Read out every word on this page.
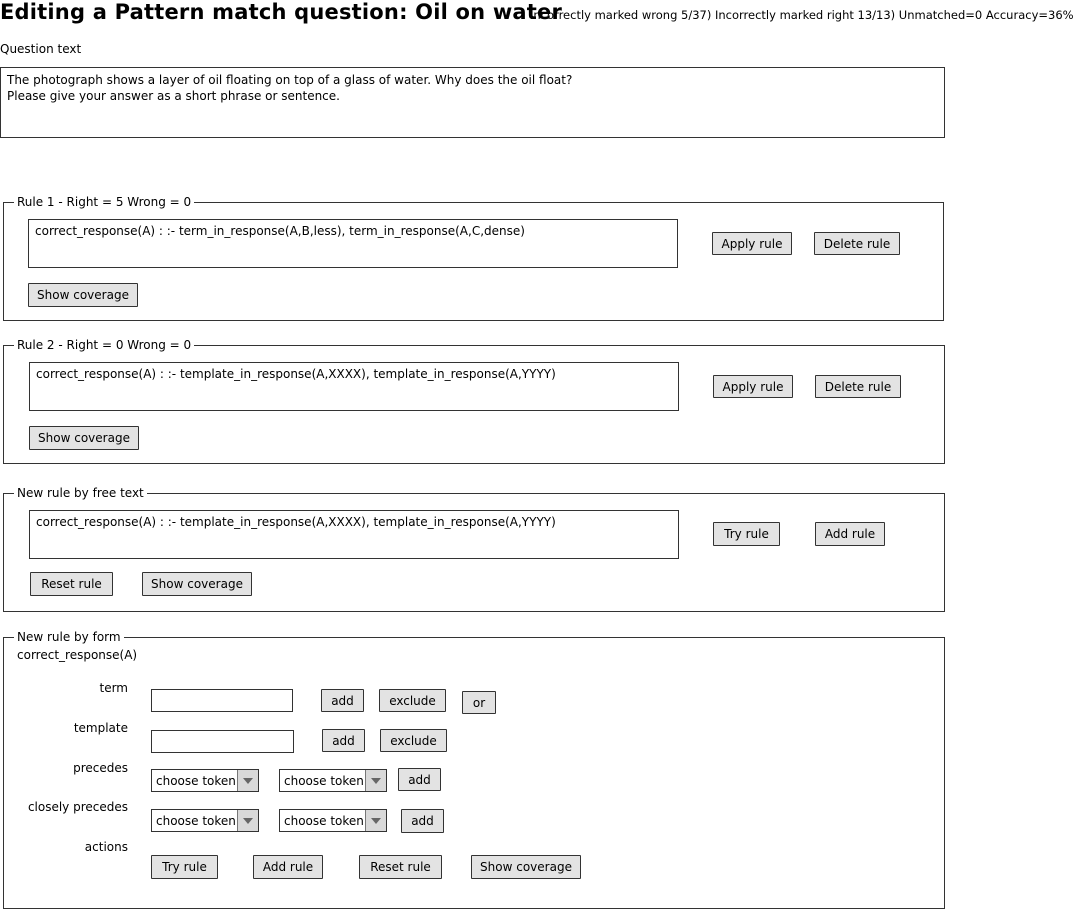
Editing a Pattern match question: Oil on water
Incorrectly marked wrong 5/37) Incorrectly marked right 13/13) Unmatched=0 Accuracy=36%
Question text
The photograph shows a layer of oil floating on top of a glass of water. Why does the oil float?
Please give your answer as a short phrase or sentence.
Rule 1 - Right = 5 Wrong = 0
correct_response(A) : :- term_in_response(A,B,less), term_in_response(A,C,dense)
Apply rule	Delete rule
Show coverage
Rule 2 - Right = 0 Wrong = 0
correct_response(A) : :- template_in_response(A,XXXX), template_in_response(A,YYYY)
Apply rule	Delete rule
Show coverage
New rule by free text
correct_response(A) : :- template_in_response(A,XXXX), template_in_response(A,YYYY)
Try rule	Add rule
Reset rule	Show coverage
New rule by form
correct_response(A)
term
add	exclude	or
template
add	exclude
precedes
choose token	choose token	add
closely precedes
choose token	choose token	add
actions
Try rule	Add rule	Reset rule	Show coverage
